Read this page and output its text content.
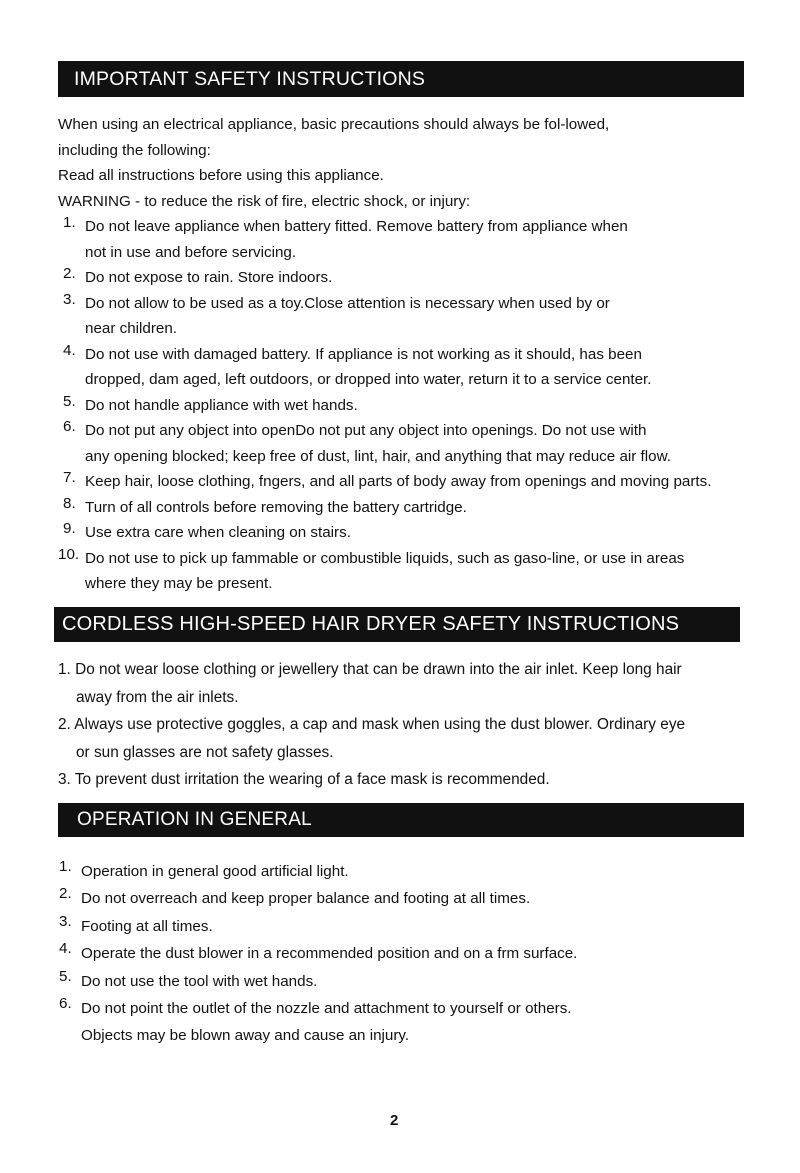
IMPORTANT SAFETY INSTRUCTIONS
When using an electrical appliance, basic precautions should always be fol-lowed,
including the following:
Read all instructions before using this appliance.
WARNING - to reduce the risk of fire, electric shock, or injury:
1. Do not leave appliance when battery fitted. Remove battery from appliance when
not in use and before servicing.
2. Do not expose to rain. Store indoors.
3. Do not allow to be used as a toy.Close attention is necessary when used by or
near children.
4. Do not use with damaged battery. If appliance is not working as it should, has been
dropped, dam aged, left outdoors, or dropped into water, return it to a service center.
5. Do not handle appliance with wet hands.
6. Do not put any object into openDo not put any object into openings. Do not use with
any opening blocked; keep free of dust, lint, hair, and anything that may reduce air flow.
7. Keep hair, loose clothing, fngers, and all parts of body away from openings and moving parts.
8. Turn of all controls before removing the battery cartridge.
9. Use extra care when cleaning on stairs.
10. Do not use to pick up fammable or combustible liquids, such as gaso-line, or use in areas
where they may be present.
CORDLESS HIGH-SPEED HAIR DRYER SAFETY INSTRUCTIONS
1. Do not wear loose clothing or jewellery that can be drawn into the air inlet. Keep long hair
away from the air inlets.
2. Always use protective goggles, a cap and mask when using the dust blower. Ordinary eye
or sun glasses are not safety glasses.
3. To prevent dust irritation the wearing of a face mask is recommended.
OPERATION IN GENERAL
1. Operation in general good artificial light.
2. Do not overreach and keep proper balance and footing at all times.
3. Footing at all times.
4. Operate the dust blower in a recommended position and on a frm surface.
5. Do not use the tool with wet hands.
6. Do not point the outlet of the nozzle and attachment to yourself or others.
Objects may be blown away and cause an injury.
2
